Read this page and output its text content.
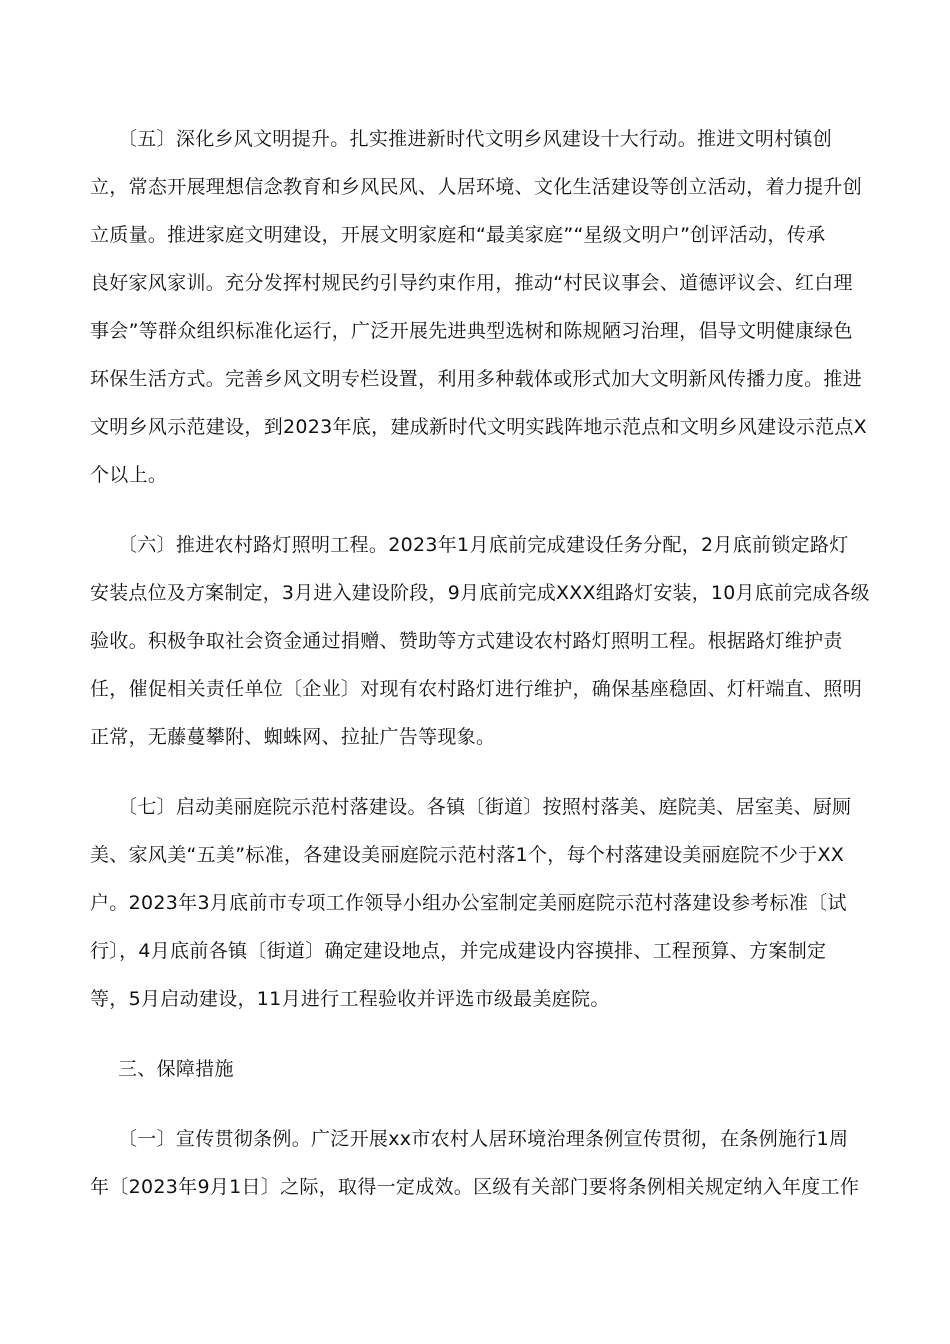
〔五〕深化乡风文明提升。扎实推进新时代文明乡风建设十大行动。推进文明村镇创
立，常态开展理想信念教育和乡风民风、人居环境、文化生活建设等创立活动，着力提升创
立质量。推进家庭文明建设，开展文明家庭和“最美家庭”“星级文明户”创评活动，传承
良好家风家训。充分发挥村规民约引导约束作用，推动“村民议事会、道德评议会、红白理
事会”等群众组织标准化运行，广泛开展先进典型选树和陈规陋习治理，倡导文明健康绿色
环保生活方式。完善乡风文明专栏设置，利用多种载体或形式加大文明新风传播力度。推进
文明乡风示范建设，到2023年底，建成新时代文明实践阵地示范点和文明乡风建设示范点X
个以上。
〔六〕推进农村路灯照明工程。2023年1月底前完成建设任务分配，2月底前锁定路灯
安装点位及方案制定，3月进入建设阶段，9月底前完成XXX组路灯安装，10月底前完成各级
验收。积极争取社会资金通过捐赠、赞助等方式建设农村路灯照明工程。根据路灯维护责
任，催促相关责任单位〔企业〕对现有农村路灯进行维护，确保基座稳固、灯杆端直、照明
正常，无藤蔓攀附、蜘蛛网、拉扯广告等现象。
〔七〕启动美丽庭院示范村落建设。各镇〔街道〕按照村落美、庭院美、居室美、厨厕
美、家风美“五美”标准，各建设美丽庭院示范村落1个，每个村落建设美丽庭院不少于XX
户。2023年3月底前市专项工作领导小组办公室制定美丽庭院示范村落建设参考标准〔试
行〕，4月底前各镇〔街道〕确定建设地点，并完成建设内容摸排、工程预算、方案制定
等，5月启动建设，11月进行工程验收并评选市级最美庭院。
三、保障措施
〔一〕宣传贯彻条例。广泛开展xx市农村人居环境治理条例宣传贯彻，在条例施行1周
年〔2023年9月1日〕之际，取得一定成效。区级有关部门要将条例相关规定纳入年度工作
